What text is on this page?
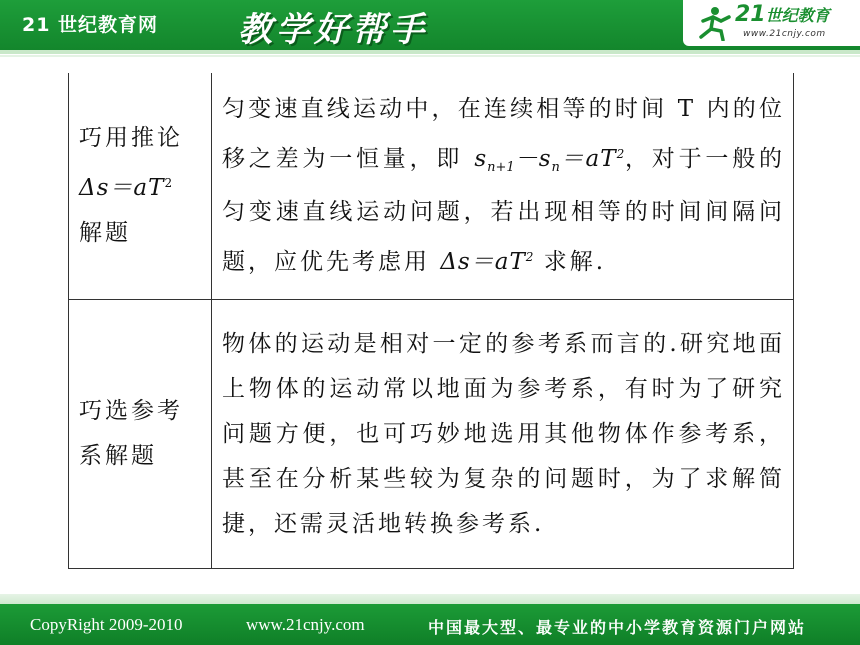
21 世纪教育网 教学好帮手	21世纪教育
www.21cnjy.com
巧用推论
$\Delta s=aT^2$
解题	匀变速直线运动中，在连续相等的时间 T 内的位移之差为一恒量，即 $s_{n+1}-s_n=aT^2$，对于一般的匀变速直线运动问题，若出现相等的时间间隔问题，应优先考虑用 $\Delta s=aT^2$ 求解.
巧选参考系解题	物体的运动是相对一定的参考系而言的.研究地面上物体的运动常以地面为参考系，有时为了研究问题方便，也可巧妙地选用其他物体作参考系，甚至在分析某些较为复杂的问题时，为了求解简捷，还需灵活地转换参考系.
CopyRight 2009-2010	www.21cnjy.com	中国最大型、最专业的中小学教育资源门户网站
